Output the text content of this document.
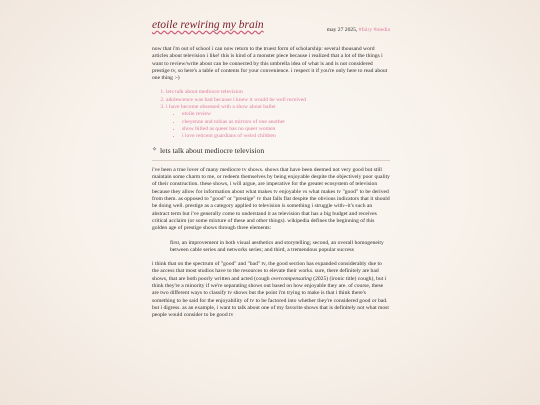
etoile rewiring my brain	may 27 2025, #fairy #media

now that i'm out of school i can now return to the truest form of scholarship: several thousand word articles about television i like! this is kind of a monster piece because i realized that a lot of the things i want to review/write about can be connected by this umbrella idea of what is and is not considered prestige tv, so here's a table of contents for your convenience. i respect it if you're only here to read about one thing :-)

1. lets talk about mediocre television
2. adolescence was bad because i knew it would be well received
3. i have become obsessed with a show about ballet
• etoile review
• cheyenne and tobias as mirrors of one another
• show billed as queer has no queer women
• i love reticent guardians of weird children
✧ lets talk about mediocre television

i've been a true lover of many mediocre tv shows. shows that have been deemed not very good but still maintain some charm to me, or redeem themselves by being enjoyable despite the objectively poor quality of their construction. these shows, i will argue, are imperative for the greater ecosystem of television because they allow for information about what makes tv enjoyable vs what makes tv "good" to be derived from them. as opposed to "good" or "prestige" tv that falls flat despite the obvious indicators that it should be doing well. prestige as a category applied to television is something i struggle with--it's such an abstract term but i've generally come to understand it as television that has a big budget and receives critical acclaim (or some mixture of these and other things). wikipedia defines the beginning of this golden age of prestige shows through three elements:

first, an improvement in both visual aesthetics and storytelling; second, an overall homogeneity between cable series and networks series; and third, a tremendous popular success

i think that on the spectrum of "good" and "bad" tv, the good section has expanded considerably due to the access that most studios have to the resources to elevate their works. sure, there definitely are bad shows, that are both poorly written and acted (cough overcompensating (2025) (ironic title) cough), but i think they're a minority if we're separating shows out based on how enjoyable they are. of course, these are two different ways to classify tv shows but the point i'm trying to make is that i think there's something to be said for the enjoyability of tv to be factored into whether they're considered good or bad. but i digress. as an example, i want to talk about one of my favorite shows that is definitely not what most people would consider to be good tv
